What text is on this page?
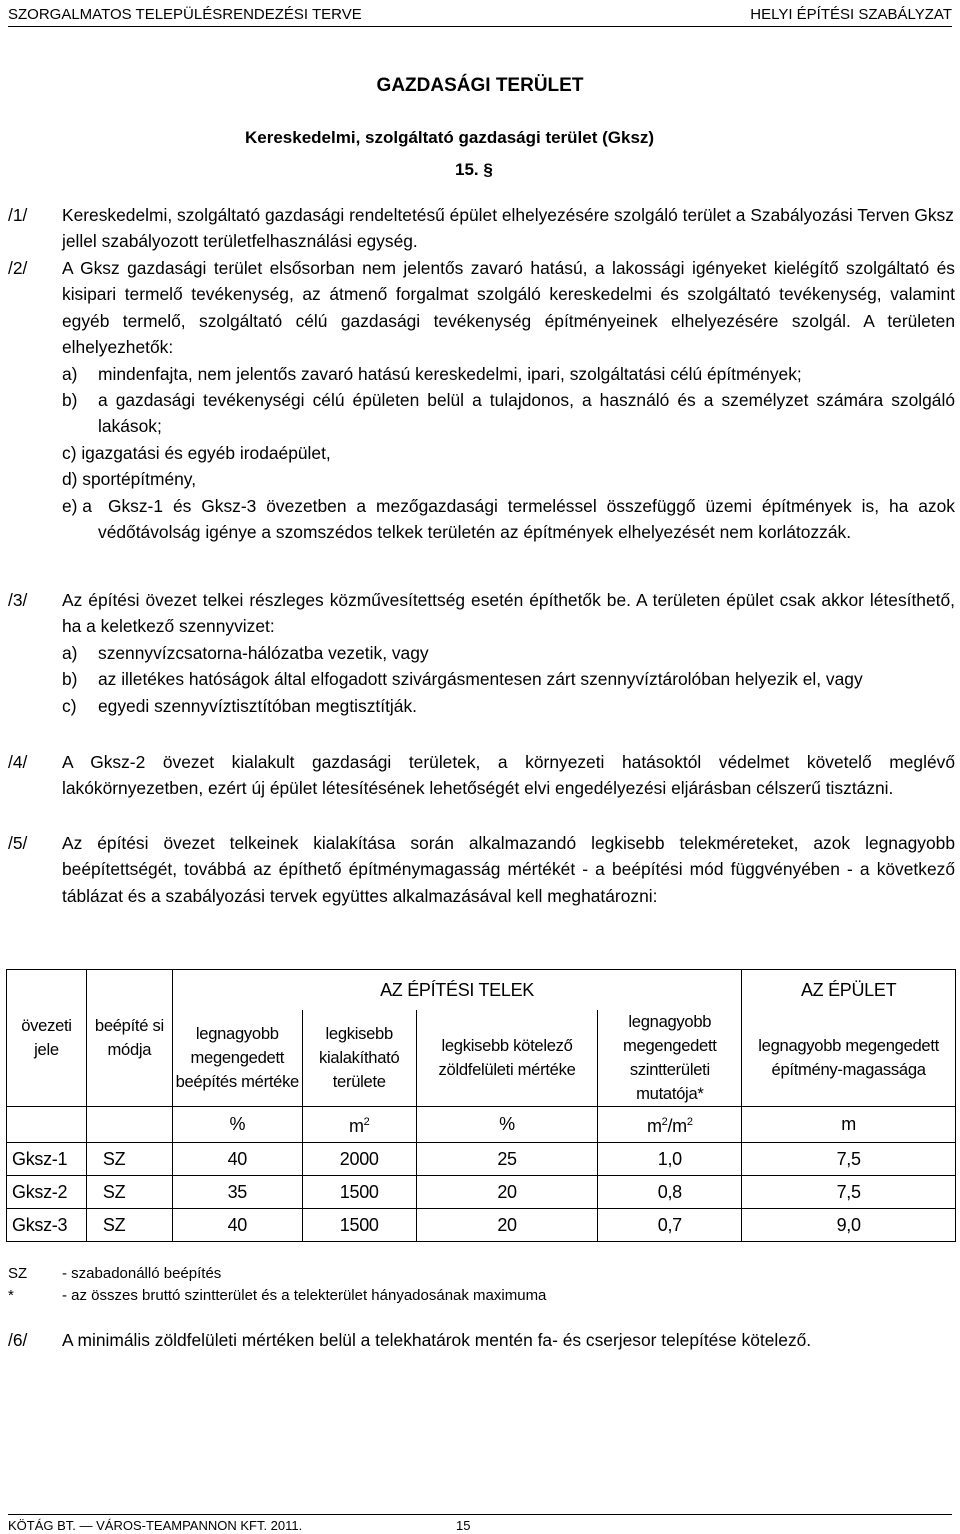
SZORGALMATOS TELEPÜLÉSRENDEZÉSI TERVE	HELYI ÉPÍTÉSI SZABÁLYZAT
GAZDASÁGI TERÜLET
Kereskedelmi, szolgáltató gazdasági terület (Gksz)
15. §
/1/ Kereskedelmi, szolgáltató gazdasági rendeltetésű épület elhelyezésére szolgáló terület a Szabályozási Terven Gksz jellel szabályozott területfelhasználási egység.
/2/ A Gksz gazdasági terület elsősorban nem jelentős zavaró hatású, a lakossági igényeket kielégítő szolgáltató és kisipari termelő tevékenység, az átmenő forgalmat szolgáló kereskedelmi és szolgáltató tevékenység, valamint egyéb termelő, szolgáltató célú gazdasági tevékenység építményeinek elhelyezésére szolgál. A területen elhelyezhetők:
a)	mindenfajta, nem jelentős zavaró hatású kereskedelmi, ipari, szolgáltatási célú építmények;
b)	a gazdasági tevékenységi célú épületen belül a tulajdonos, a használó és a személyzet számára szolgáló lakások;
c) igazgatási és egyéb irodaépület,
d) sportépítmény,
e) a Gksz-1 és Gksz-3 övezetben a mezőgazdasági termeléssel összefüggő üzemi építmények is, ha azok védőtávolság igénye a szomszédos telkek területén az építmények elhelyezését nem korlátozzák.
/3/ Az építési övezet telkei részleges közművesítettség esetén építhetők be. A területen épület csak akkor létesíthető, ha a keletkező szennyvizet:
a)	szennyvízcsatorna-hálózatba vezetik, vagy
b)	az illetékes hatóságok által elfogadott szivárgásmentesen zárt szennyvíztárolóban helyezik el, vagy
c)	egyedi szennyvíztisztítóban megtisztítják.
/4/ A Gksz-2 övezet kialakult gazdasági területek, a környezeti hatásoktól védelmet követelő meglévő lakókörnyezetben, ezért új épület létesítésének lehetőségét elvi engedélyezési eljárásban célszerű tisztázni.
/5/ Az építési övezet telkeinek kialakítása során alkalmazandó legkisebb telekméreteket, azok legnagyobb beépítettségét, továbbá az építhető építménymagasság mértékét - a beépítési mód függvényében - a következő táblázat és a szabályozási tervek együttes alkalmazásával kell meghatározni:
övezeti jele	beépíté si módja	AZ ÉPÍTÉSI TELEK				AZ ÉPÜLET
		legnagyobb megengedett beépítés mértéke	legkisebb kialakítható területe	legkisebb kötelező zöldfelületi mértéke	legnagyobb megengedett szintterületi mutatója*	legnagyobb megengedett építmény-magassága
		%	$m^2$	%	$m^2/m^2$	m
Gksz-1	SZ	40	2000	25	1,0	7,5
Gksz-2	SZ	35	1500	20	0,8	7,5
Gksz-3	SZ	40	1500	20	0,7	9,0
SZ - szabadonálló beépítés
*	- az összes bruttó szintterület és a telekterület hányadosának maximuma
/6/ A minimális zöldfelületi mértéken belül a telekhatárok mentén fa- és cserjesor telepítése kötelező.
KÖTÁG BT. — VÁROS-TEAMPANNON KFT. 2011.	15
